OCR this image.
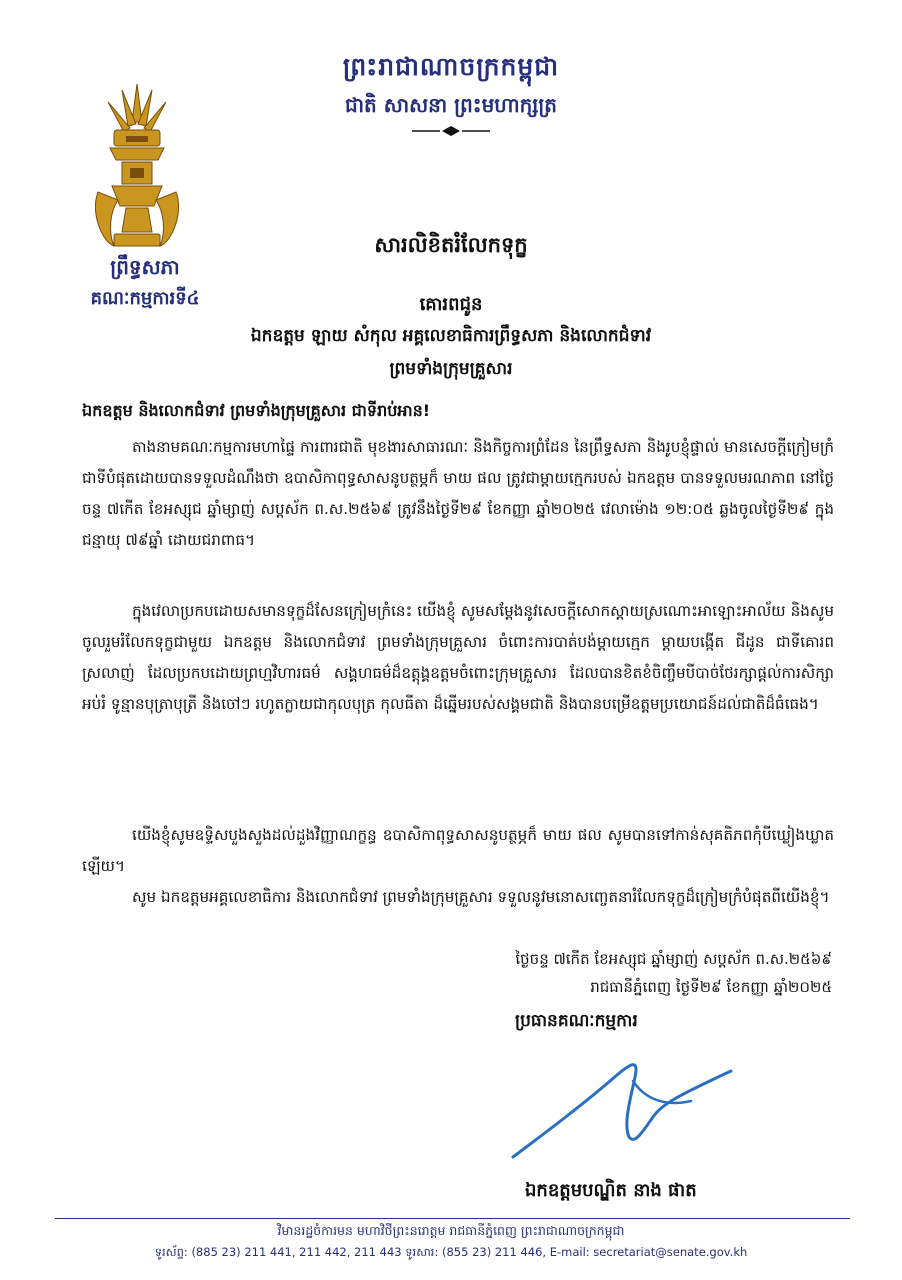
ព្រះរាជាណាចក្រកម្ពុជា
ជាតិ សាសនា ព្រះមហាក្សត្រ
ព្រឹទ្ធសភា
គណៈកម្មការទី៤
សារលិខិតរំលែកទុក្ខ
គោរពជូន
ឯកឧត្តម ឡាយ សំកុល អគ្គលេខាធិការព្រឹទ្ធសភា និងលោកជំទាវ
ព្រមទាំងក្រុមគ្រួសារ
ឯកឧត្តម និងលោកជំទាវ ព្រមទាំងក្រុមគ្រួសារ ជាទីរាប់អាន!

តាងនាមគណៈកម្មការមហាផ្ទៃ ការពារជាតិ មុខងារសាធារណៈ និងកិច្ចការព្រំដែន នៃព្រឹទ្ធសភា និងរូបខ្ញុំផ្ទាល់ មានសេចក្តីក្រៀមក្រំជាទីបំផុតដោយបានទទួលដំណឹងថា ឧបាសិកាពុទ្ធសាសនូបត្ថម្ភក៏ មាយ ផល ត្រូវជាម្តាយក្មេករបស់ ឯកឧត្តម បានទទួលមរណភាព នៅថ្ងៃចន្ទ ៧កើត ខែអស្សុជ ឆ្នាំម្សាញ់ សប្តស័ក ព.ស.២៥៦៩ ត្រូវនឹងថ្ងៃទី២៩ ខែកញ្ញា ឆ្នាំ២០២៥ វេលាម៉ោង ១២:០៥ ឆ្លងចូលថ្ងៃទី២៩ ក្នុងជន្មាយុ ៧៩ឆ្នាំ ដោយជរាពាធ។

ក្នុងវេលាប្រកបដោយសមានទុក្ខដ៏សែនក្រៀមក្រំនេះ យើងខ្ញុំ សូមសម្តែងនូវសេចក្តីសោកស្តាយស្រណោះអាឡោះអាល័យ និងសូមចូលរួមរំលែកទុក្ខជាមួយ ឯកឧត្តម និងលោកជំទាវ ព្រមទាំងក្រុមគ្រួសារ ចំពោះការបាត់បង់ម្តាយក្មេក ម្តាយបង្កើត ជីដូន ជាទីគោរពស្រលាញ់ ដែលប្រកបដោយព្រហ្មវិហារធម៌ សង្គហធម៌ដ៏ឧត្តុង្គឧត្តមចំពោះក្រុមគ្រួសារ ដែលបានខិតខំចិញ្ចឹមបីបាច់ថែរក្សាផ្តល់ការសិក្សា អប់រំ ទូន្មានបុត្រាបុត្រី និងចៅៗ រហូតក្លាយជាកុលបុត្រ កុលធីតា ដ៏ឆ្នើមរបស់សង្គមជាតិ និងបានបម្រើឧត្តមប្រយោជន៍ដល់ជាតិដ៏ធំធេង។

យើងខ្ញុំសូមឧទ្ទិសបួងសួងដល់ដួងវិញ្ញាណក្ខន្ធ ឧបាសិកាពុទ្ធសាសនូបត្ថម្ភក៏ មាយ ផល សូមបានទៅកាន់សុគតិភពកុំបីឃ្លៀងឃ្លាតឡើយ។

សូម ឯកឧត្តមអគ្គលេខាធិការ និងលោកជំទាវ ព្រមទាំងក្រុមគ្រួសារ ទទួលនូវមនោសញ្ចេតនារំលែកទុក្ខដ៏ក្រៀមក្រំបំផុតពីយើងខ្ញុំ។

ថ្ងៃចន្ទ ៧កើត ខែអស្សុជ ឆ្នាំម្សាញ់ សប្តស័ក ព.ស.២៥៦៩
រាជធានីភ្នំពេញ ថ្ងៃទី២៩ ខែកញ្ញា ឆ្នាំ២០២៥
ប្រធានគណៈកម្មការ
ឯកឧត្តមបណ្ឌិត នាង ផាត
វិមានរដ្ឋចំការមន មហាវិថីព្រះនរោត្តម រាជធានីភ្នំពេញ ព្រះរាជាណាចក្រកម្ពុជា
ទូរស័ព្ទ: (885 23) 211 441, 211 442, 211 443 ទូរសារ: (855 23) 211 446, E-mail: secretariat@senate.gov.kh
